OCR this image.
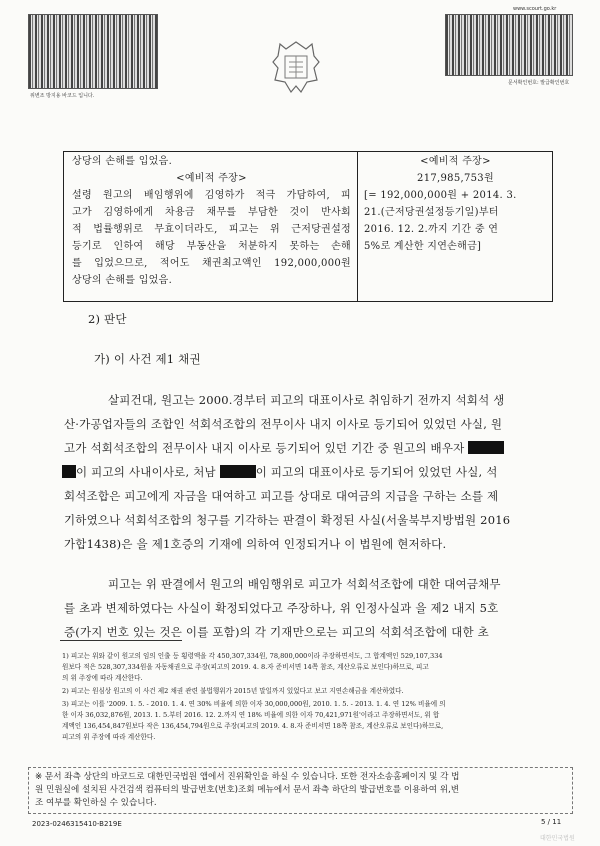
www.scourt.go.kr
위변조 방지용 바코드 입니다.
문서확인번호: 발급확인번호
상당의 손해를 입었음.
<예비적 주장>
설령 원고의 배임행위에 김영하가 적극 가담하여, 피
고가 김영하에게 차용금 채무를 부담한 것이 반사회
적 법률행위로 무효이더라도, 피고는 위 근저당권설정
등기로 인하여 해당 부동산을 처분하지 못하는 손해
를 입었으므로, 적어도 채권최고액인 192,000,000원
상당의 손해를 입었음.
<예비적 주장>
217,985,753원
[= 192,000,000원 + 2014. 3.
21.(근저당권설정등기일)부터
2016. 12. 2.까지 기간 중 연
5%로 계산한 지연손해금]
2) 판단
가) 이 사건 제1 채권
살피건대, 원고는 2000.경부터 피고의 대표이사로 취임하기 전까지 석회석 생
산·가공업자들의 조합인 석회석조합의 전무이사 내지 이사로 등기되어 있었던 사실, 원
고가 석회석조합의 전무이사 내지 이사로 등기되어 있던 기간 중 원고의 배우자
이 피고의 사내이사로, 처남	이 피고의 대표이사로 등기되어 있었던 사실, 석
회석조합은 피고에게 자금을 대여하고 피고를 상대로 대여금의 지급을 구하는 소를 제
기하였으나 석회석조합의 청구를 기각하는 판결이 확정된 사실(서울북부지방법원 2016
가합1438)은 을 제1호증의 기재에 의하여 인정되거나 이 법원에 현저하다.
피고는 위 판결에서 원고의 배임행위로 피고가 석회석조합에 대한 대여금채무
를 초과 변제하였다는 사실이 확정되었다고 주장하나, 위 인정사실과 을 제2 내지 5호
증(가지 번호 있는 것은 이를 포함)의 각 기재만으로는 피고의 석회석조합에 대한 초
1) 피고는 위와 같이 원고의 임의 인출 등 횡령액을 각 450,307,334원, 78,800,000이라 주장하면서도, 그 합계액인 529,107,334
원보다 적은 528,307,334원을 자동채권으로 주장(피고의 2019. 4. 8.자 준비서면 14쪽 참조, 계산오류로 보인다)하므로, 피고
의 위 주장에 따라 계산한다.
2) 피고는 원심상 원고의 이 사건 제2 채권 관련 불법행위가 2015년 말일까지 있었다고 보고 지연손해금을 계산하였다.
3) 피고는 이를 '2009. 1. 5. - 2010. 1. 4. 연 30% 비율에 의한 이자 30,000,000원, 2010. 1. 5. - 2013. 1. 4. 연 12% 비율에 의
한 이자 36,032,876원, 2013. 1. 5.부터 2016. 12. 2.까지 연 18% 비율에 의한 이자 70,421,971원'이라고 주장하면서도, 위 합
계액인 136,454,847원보다 작은 136,454,794원으로 주장(피고의 2019. 4. 8.자 준비서면 18쪽 참조, 계산오류로 보인다)하므로,
피고의 위 주장에 따라 계산한다.
※ 문서 좌측 상단의 바코드로 대한민국법원 앱에서 진위확인을 하실 수 있습니다. 또한 전자소송홈페이지 및 각 법
원 민원실에 설치된 사건검색 컴퓨터의 발급번호(번호)조회 메뉴에서 문서 좌측 하단의 발급번호를 이용하여 위,변
조 여부를 확인하실 수 있습니다.
2023-0246315410-B219E	5 / 11
대한민국법원
